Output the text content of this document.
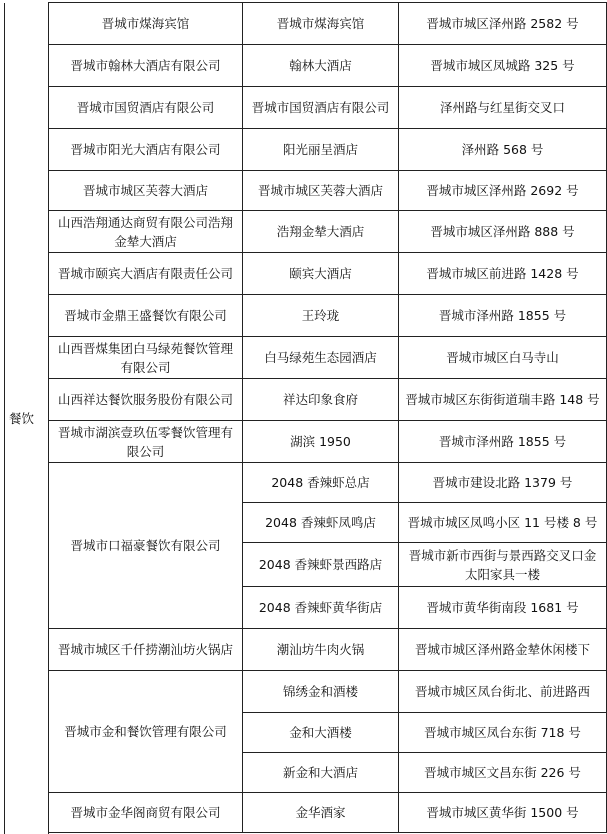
餐饮	晋城市煤海宾馆	晋城市煤海宾馆	晋城市城区泽州路 2582 号
	晋城市翰林大酒店有限公司	翰林大酒店	晋城市城区凤城路 325 号
	晋城市国贸酒店有限公司	晋城市国贸酒店有限公司	泽州路与红星街交叉口
	晋城市阳光大酒店有限公司	阳光丽呈酒店	泽州路 568 号
	晋城市城区芙蓉大酒店	晋城市城区芙蓉大酒店	晋城市城区泽州路 2692 号
	山西浩翔通达商贸有限公司浩翔金辇大酒店	浩翔金辇大酒店	晋城市城区泽州路 888 号
	晋城市颐宾大酒店有限责任公司	颐宾大酒店	晋城市城区前进路 1428 号
	晋城市金鼎王盛餐饮有限公司	王玲珑	晋城市泽州路 1855 号
	山西晋煤集团白马绿苑餐饮管理有限公司	白马绿苑生态园酒店	晋城市城区白马寺山
	山西祥达餐饮服务股份有限公司	祥达印象食府	晋城市城区东街街道瑞丰路 148 号
	晋城市湖滨壹玖伍零餐饮管理有限公司	湖滨 1950	晋城市泽州路 1855 号
	晋城市口福豪餐饮有限公司	2048 香辣虾总店	晋城市建设北路 1379 号
		2048 香辣虾凤鸣店	晋城市城区凤鸣小区 11 号楼 8 号
		2048 香辣虾景西路店	晋城市新市西街与景西路交叉口金太阳家具一楼
		2048 香辣虾黄华街店	晋城市黄华街南段 1681 号
	晋城市城区千仟捞潮汕坊火锅店	潮汕坊牛肉火锅	晋城市城区泽州路金辇休闲楼下
	晋城市金和餐饮管理有限公司	锦绣金和酒楼	晋城市城区凤台街北、前进路西
		金和大酒楼	晋城市城区凤台东街 718 号
		新金和大酒店	晋城市城区文昌东街 226 号
	晋城市金华阁商贸有限公司	金华酒家	晋城市城区黄华街 1500 号
